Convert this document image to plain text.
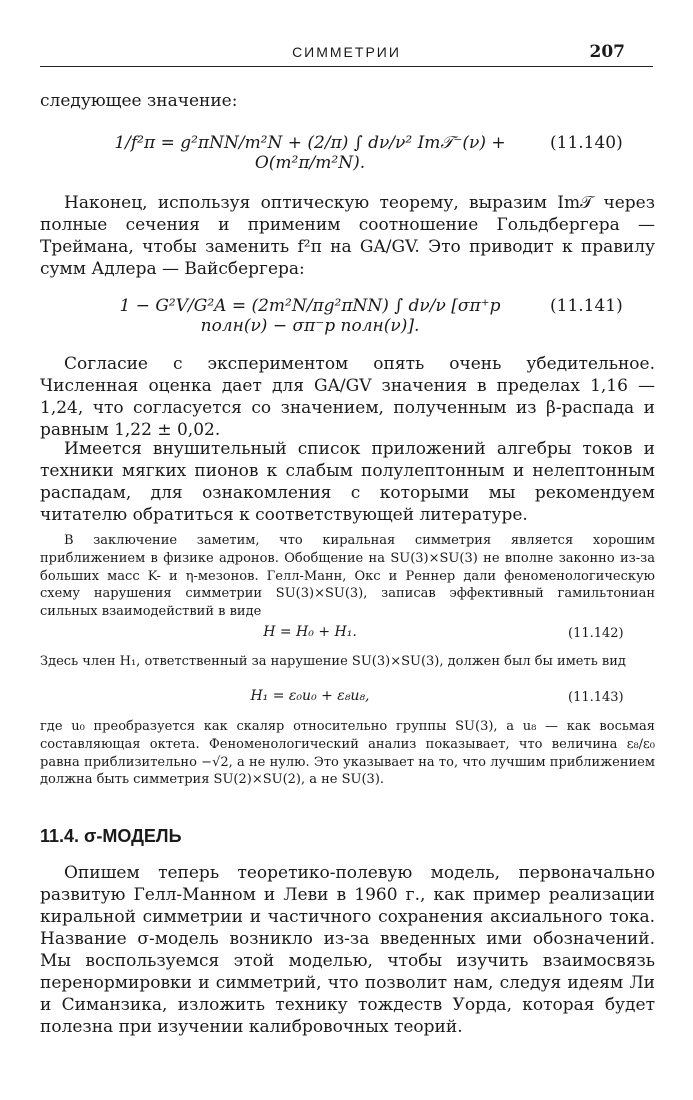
СИММЕТРИИ	207
следующее значение:
1/f²π = g²πNN/m²N + (2/π) ∫ dν/ν² Im𝒯⁻(ν) + O(m²π/m²N).
(11.140)
Наконец, используя оптическую теорему, выразим Im𝒯 через полные сечения и применим соотношение Гольдбергера — Треймана, чтобы заменить f²π на GA/GV. Это приводит к правилу сумм Адлера — Вайсбергера:
1 − G²V/G²A = (2m²N/πg²πNN) ∫ dν/ν [σπ⁺p полн(ν) − σπ⁻p полн(ν)].
(11.141)
Согласие с экспериментом опять очень убедительное. Численная оценка дает для GA/GV значения в пределах 1,16 — 1,24, что согласуется со значением, полученным из β-распада и равным 1,22 ± 0,02.
Имеется внушительный список приложений алгебры токов и техники мягких пионов к слабым полулептонным и нелептонным распадам, для ознакомления с которыми мы рекомендуем читателю обратиться к соответствующей литературе.
В заключение заметим, что киральная симметрия является хорошим приближением в физике адронов. Обобщение на SU(3)×SU(3) не вполне законно из-за больших масс K- и η-мезонов. Гелл-Манн, Окс и Реннер дали феноменологическую схему нарушения симметрии SU(3)×SU(3), записав эффективный гамильтониан сильных взаимодействий в виде
H = H₀ + H₁.	(11.142)
Здесь член H₁, ответственный за нарушение SU(3)×SU(3), должен был бы иметь вид
H₁ = ε₀u₀ + ε₈u₈,	(11.143)
где u₀ преобразуется как скаляр относительно группы SU(3), а u₈ — как восьмая составляющая октета. Феноменологический анализ показывает, что величина ε₈/ε₀ равна приблизительно −√2, а не нулю. Это указывает на то, что лучшим приближением должна быть симметрия SU(2)×SU(2), а не SU(3).
11.4. σ-МОДЕЛЬ
Опишем теперь теоретико-полевую модель, первоначально развитую Гелл-Манном и Леви в 1960 г., как пример реализации киральной симметрии и частичного сохранения аксиального тока. Название σ-модель возникло из-за введенных ими обозначений. Мы воспользуемся этой моделью, чтобы изучить взаимосвязь перенормировки и симметрий, что позволит нам, следуя идеям Ли и Симанзика, изложить технику тождеств Уорда, которая будет полезна при изучении калибровочных теорий.
